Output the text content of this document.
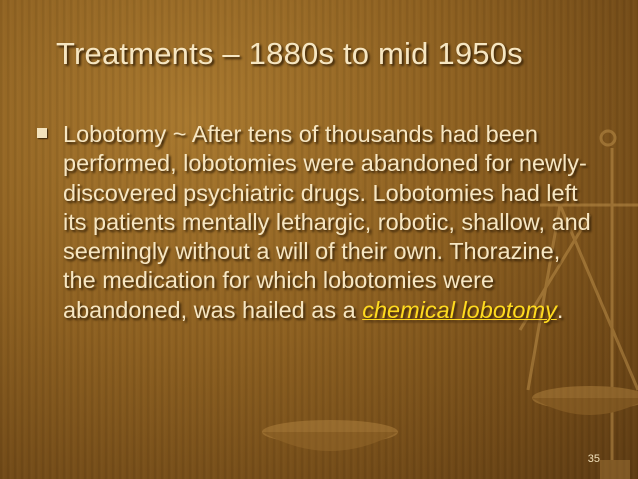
Treatments – 1880s to mid 1950s
Lobotomy ~ After tens of thousands had been performed, lobotomies were abandoned for newly-discovered psychiatric drugs. Lobotomies had left its patients mentally lethargic, robotic, shallow, and seemingly without a will of their own. Thorazine, the medication for which lobotomies were abandoned, was hailed as a chemical lobotomy.
35
